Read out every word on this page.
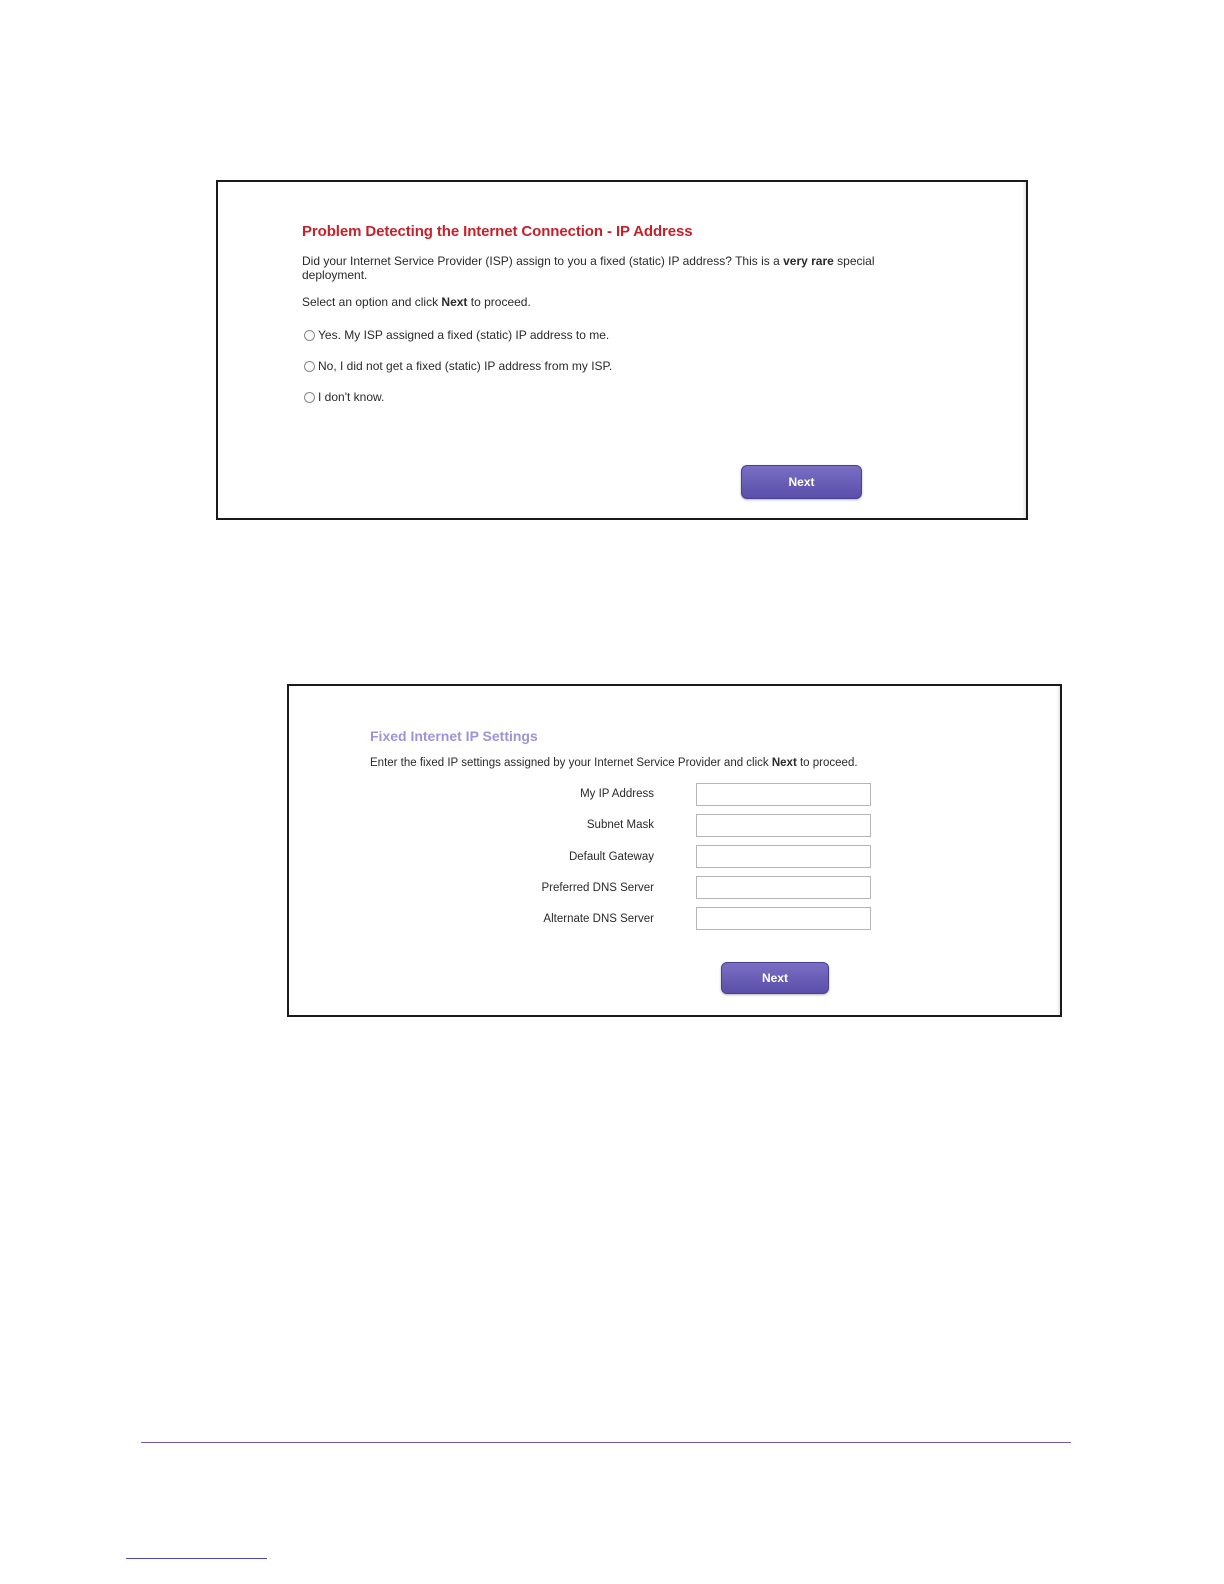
Problem Detecting the Internet Connection - IP Address
Did your Internet Service Provider (ISP) assign to you a fixed (static) IP address? This is a very rare special deployment.
Select an option and click Next to proceed.
Yes. My ISP assigned a fixed (static) IP address to me.
No, I did not get a fixed (static) IP address from my ISP.
I don't know.
Next
Fixed Internet IP Settings
Enter the fixed IP settings assigned by your Internet Service Provider and click Next to proceed.
My IP Address
Subnet Mask
Default Gateway
Preferred DNS Server
Alternate DNS Server
Next
